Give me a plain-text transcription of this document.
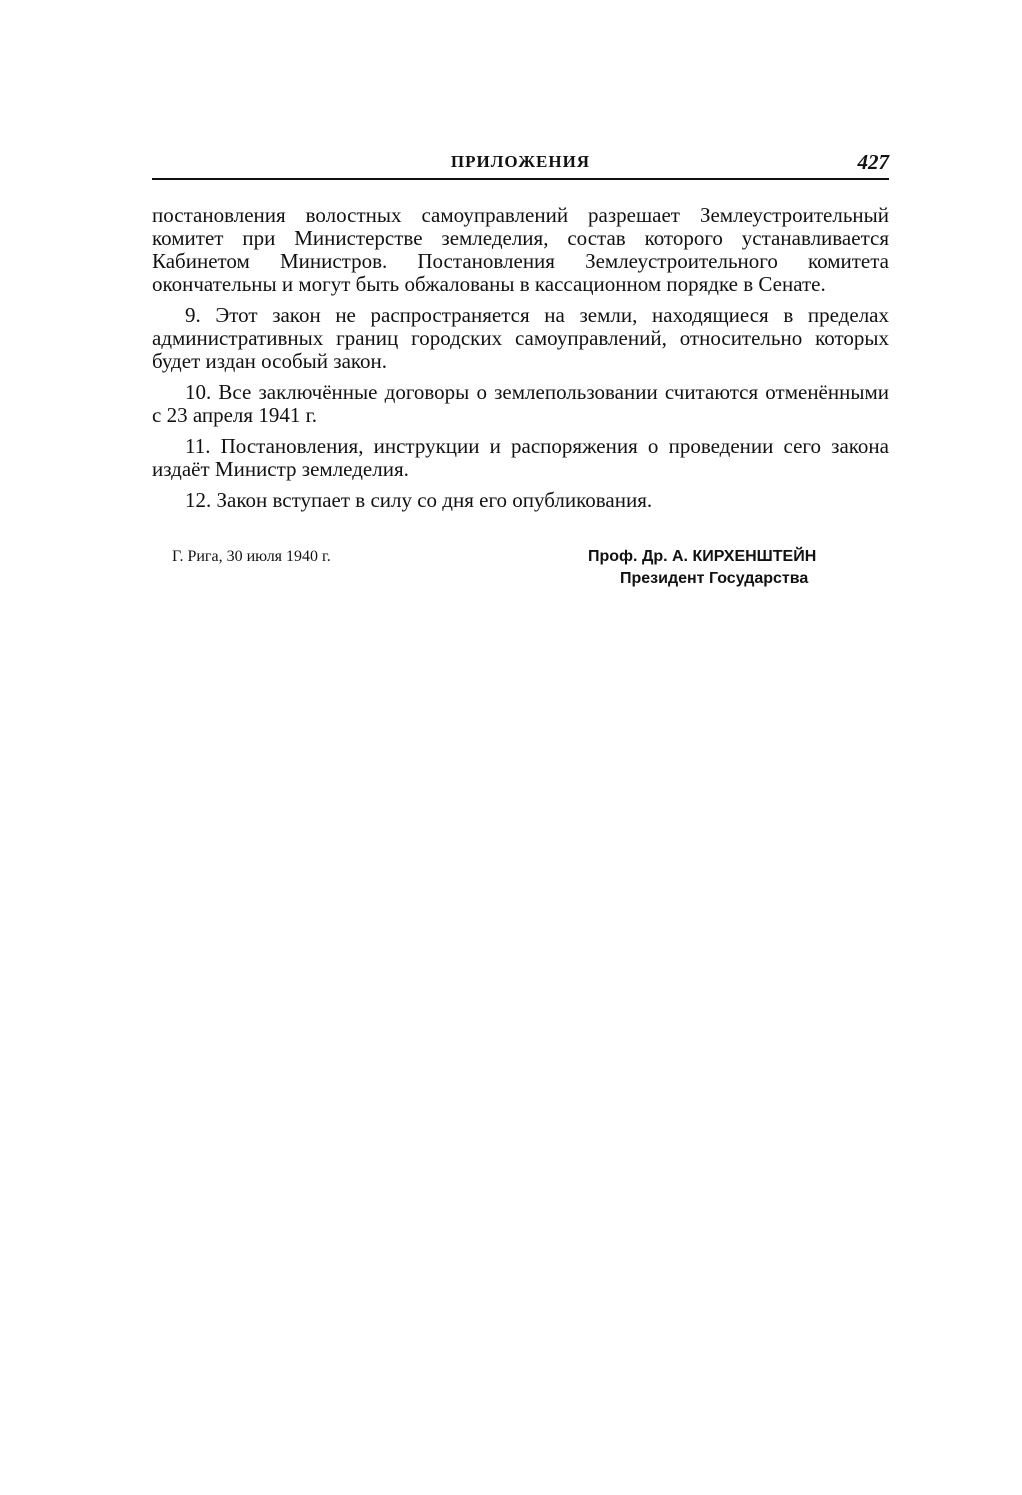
ПРИЛОЖЕНИЯ	427

постановления волостных самоуправлений разрешает Землеустроительный комитет при Министерстве земледелия, состав которого устанавливается Кабинетом Министров. Постановления Землеустроительного комитета окончательны и могут быть обжалованы в кассационном порядке в Сенате.

9. Этот закон не распространяется на земли, находящиеся в пределах административных границ городских самоуправлений, относительно которых будет издан особый закон.

10. Все заключённые договоры о землепользовании считаются отменёнными с 23 апреля 1941 г.

11. Постановления, инструкции и распоряжения о проведении сего закона издаёт Министр земледелия.

12. Закон вступает в силу со дня его опубликования.

Г. Рига, 30 июля 1940 г.	Проф. Др. А. КИРХЕНШТЕЙН
Президент Государства
